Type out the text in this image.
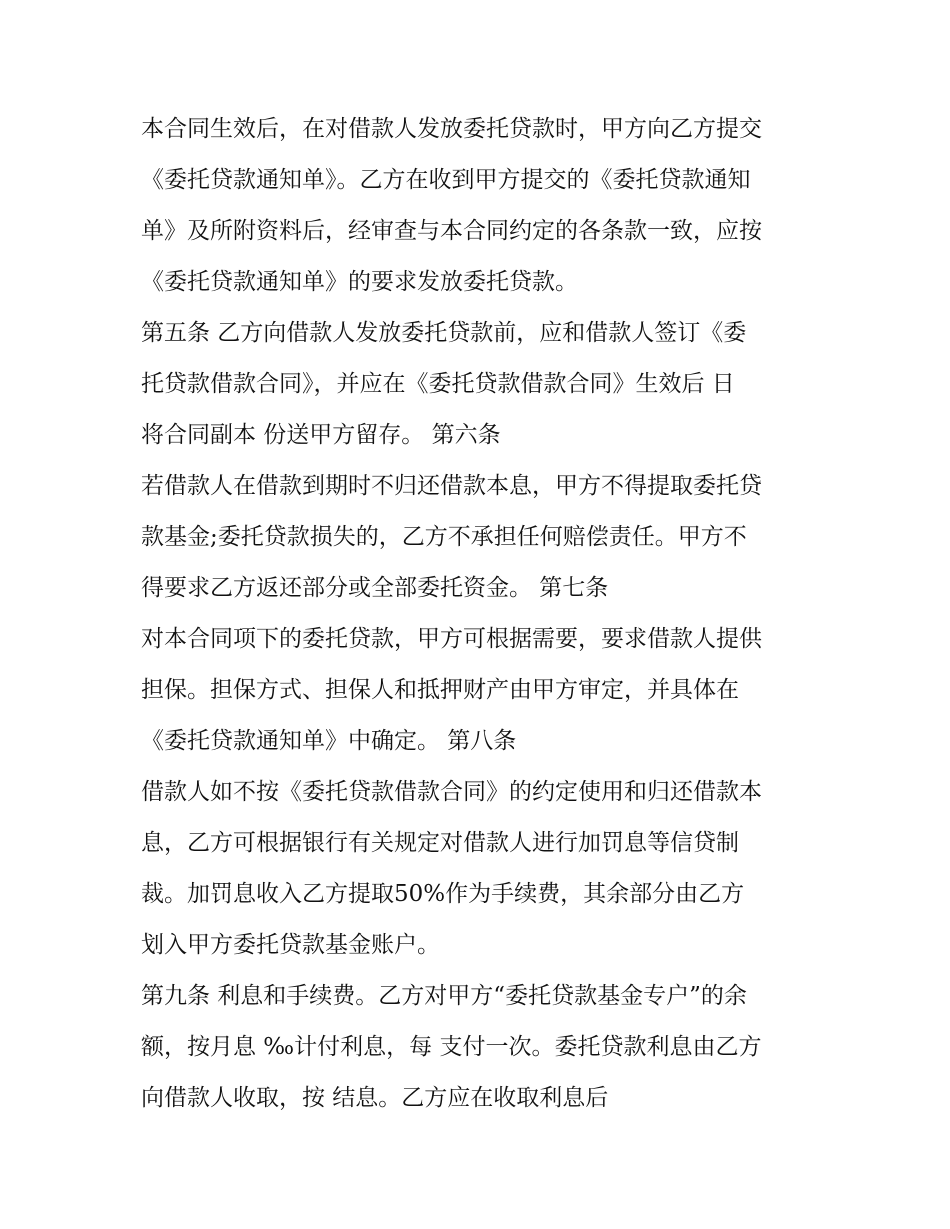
本合同生效后，在对借款人发放委托贷款时，甲方向乙方提交
《委托贷款通知单》。乙方在收到甲方提交的《委托贷款通知
单》及所附资料后，经审查与本合同约定的各条款一致，应按
《委托贷款通知单》的要求发放委托贷款。
第五条 乙方向借款人发放委托贷款前，应和借款人签订《委
托贷款借款合同》，并应在《委托贷款借款合同》生效后 日
将合同副本 份送甲方留存。 第六条
若借款人在借款到期时不归还借款本息，甲方不得提取委托贷
款基金;委托贷款损失的，乙方不承担任何赔偿责任。甲方不
得要求乙方返还部分或全部委托资金。 第七条
对本合同项下的委托贷款，甲方可根据需要，要求借款人提供
担保。担保方式、担保人和抵押财产由甲方审定，并具体在
《委托贷款通知单》中确定。 第八条
借款人如不按《委托贷款借款合同》的约定使用和归还借款本
息，乙方可根据银行有关规定对借款人进行加罚息等信贷制
裁。加罚息收入乙方提取50%作为手续费，其余部分由乙方
划入甲方委托贷款基金账户。
第九条 利息和手续费。乙方对甲方“委托贷款基金专户”的余
额，按月息 ‰计付利息，每 支付一次。委托贷款利息由乙方
向借款人收取，按 结息。乙方应在收取利息后
